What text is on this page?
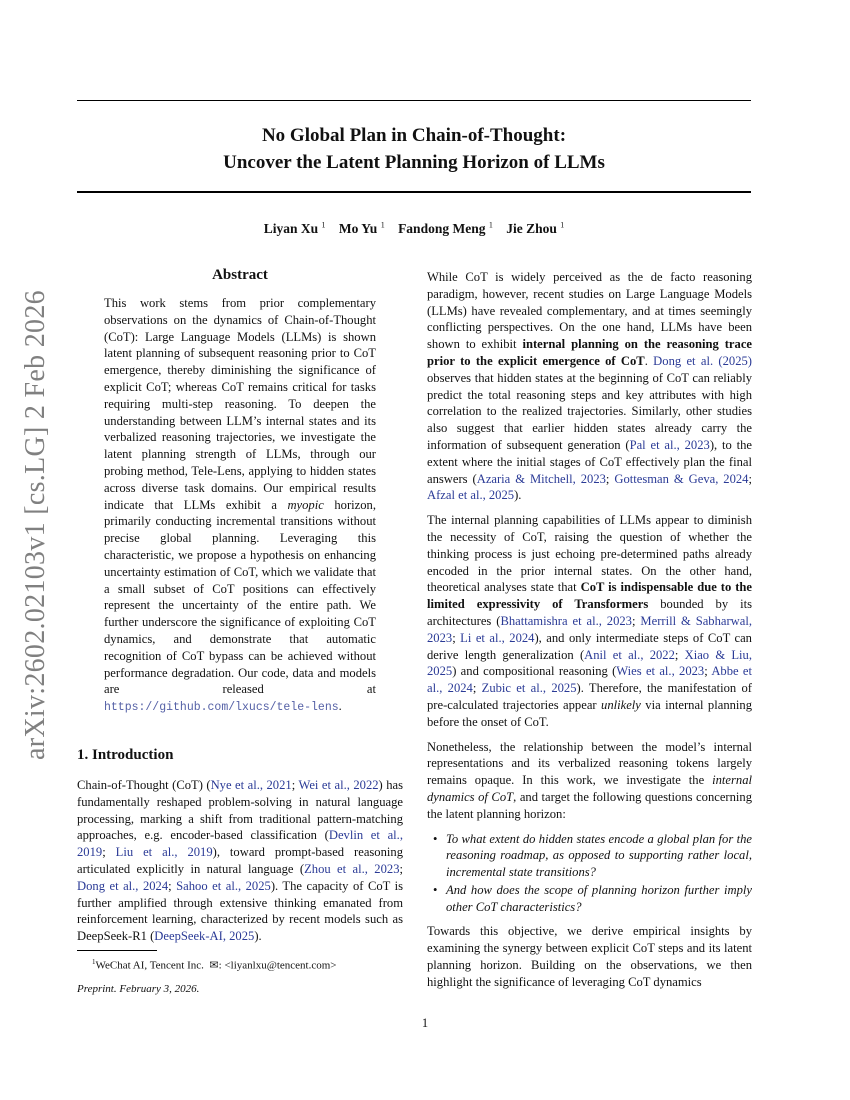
arXiv:2602.02103v1 [cs.LG] 2 Feb 2026
No Global Plan in Chain-of-Thought:
Uncover the Latent Planning Horizon of LLMs
Liyan Xu $^1$ Mo Yu $^1$ Fandong Meng $^1$ Jie Zhou $^1$
Abstract
This work stems from prior complementary observations on the dynamics of Chain-of-Thought (CoT): Large Language Models (LLMs) is shown latent planning of subsequent reasoning prior to CoT emergence, thereby diminishing the significance of explicit CoT; whereas CoT remains critical for tasks requiring multi-step reasoning. To deepen the understanding between LLM’s internal states and its verbalized reasoning trajectories, we investigate the latent planning strength of LLMs, through our probing method, Tele-Lens, applying to hidden states across diverse task domains. Our empirical results indicate that LLMs exhibit a myopic horizon, primarily conducting incremental transitions without precise global planning. Leveraging this characteristic, we propose a hypothesis on enhancing uncertainty estimation of CoT, which we validate that a small subset of CoT positions can effectively represent the uncertainty of the entire path. We further underscore the significance of exploiting CoT dynamics, and demonstrate that automatic recognition of CoT bypass can be achieved without performance degradation. Our code, data and models are released at https://github.com/lxucs/tele-lens.
1. Introduction
Chain-of-Thought (CoT) (Nye et al., 2021; Wei et al., 2022) has fundamentally reshaped problem-solving in natural language processing, marking a shift from traditional pattern-matching approaches, e.g. encoder-based classification (Devlin et al., 2019; Liu et al., 2019), toward prompt-based reasoning articulated explicitly in natural language (Zhou et al., 2023; Dong et al., 2024; Sahoo et al., 2025). The capacity of CoT is further amplified through extensive thinking emanated from reinforcement learning, characterized by recent models such as DeepSeek-R1 (DeepSeek-AI, 2025).
$^1$WeChat AI, Tencent Inc. ✉: <liyanlxu@tencent.com>
Preprint. February 3, 2026.
While CoT is widely perceived as the de facto reasoning paradigm, however, recent studies on Large Language Models (LLMs) have revealed complementary, and at times seemingly conflicting perspectives. On the one hand, LLMs have been shown to exhibit internal planning on the reasoning trace prior to the explicit emergence of CoT. Dong et al. (2025) observes that hidden states at the beginning of CoT can reliably predict the total reasoning steps and key attributes with high correlation to the realized trajectories. Similarly, other studies also suggest that earlier hidden states already carry the information of subsequent generation (Pal et al., 2023), to the extent where the initial stages of CoT effectively plan the final answers (Azaria & Mitchell, 2023; Gottesman & Geva, 2024; Afzal et al., 2025).
The internal planning capabilities of LLMs appear to diminish the necessity of CoT, raising the question of whether the thinking process is just echoing pre-determined paths already encoded in the prior internal states. On the other hand, theoretical analyses state that CoT is indispensable due to the limited expressivity of Transformers bounded by its architectures (Bhattamishra et al., 2023; Merrill & Sabharwal, 2023; Li et al., 2024), and only intermediate steps of CoT can derive length generalization (Anil et al., 2022; Xiao & Liu, 2025) and compositional reasoning (Wies et al., 2023; Abbe et al., 2024; Zubic et al., 2025). Therefore, the manifestation of pre-calculated trajectories appear unlikely via internal planning before the onset of CoT.
Nonetheless, the relationship between the model’s internal representations and its verbalized reasoning tokens largely remains opaque. In this work, we investigate the internal dynamics of CoT, and target the following questions concerning the latent planning horizon:
• To what extent do hidden states encode a global plan for the reasoning roadmap, as opposed to supporting rather local, incremental state transitions?
• And how does the scope of planning horizon further imply other CoT characteristics?
Towards this objective, we derive empirical insights by examining the synergy between explicit CoT steps and its latent planning horizon. Building on the observations, we then highlight the significance of leveraging CoT dynamics
1
